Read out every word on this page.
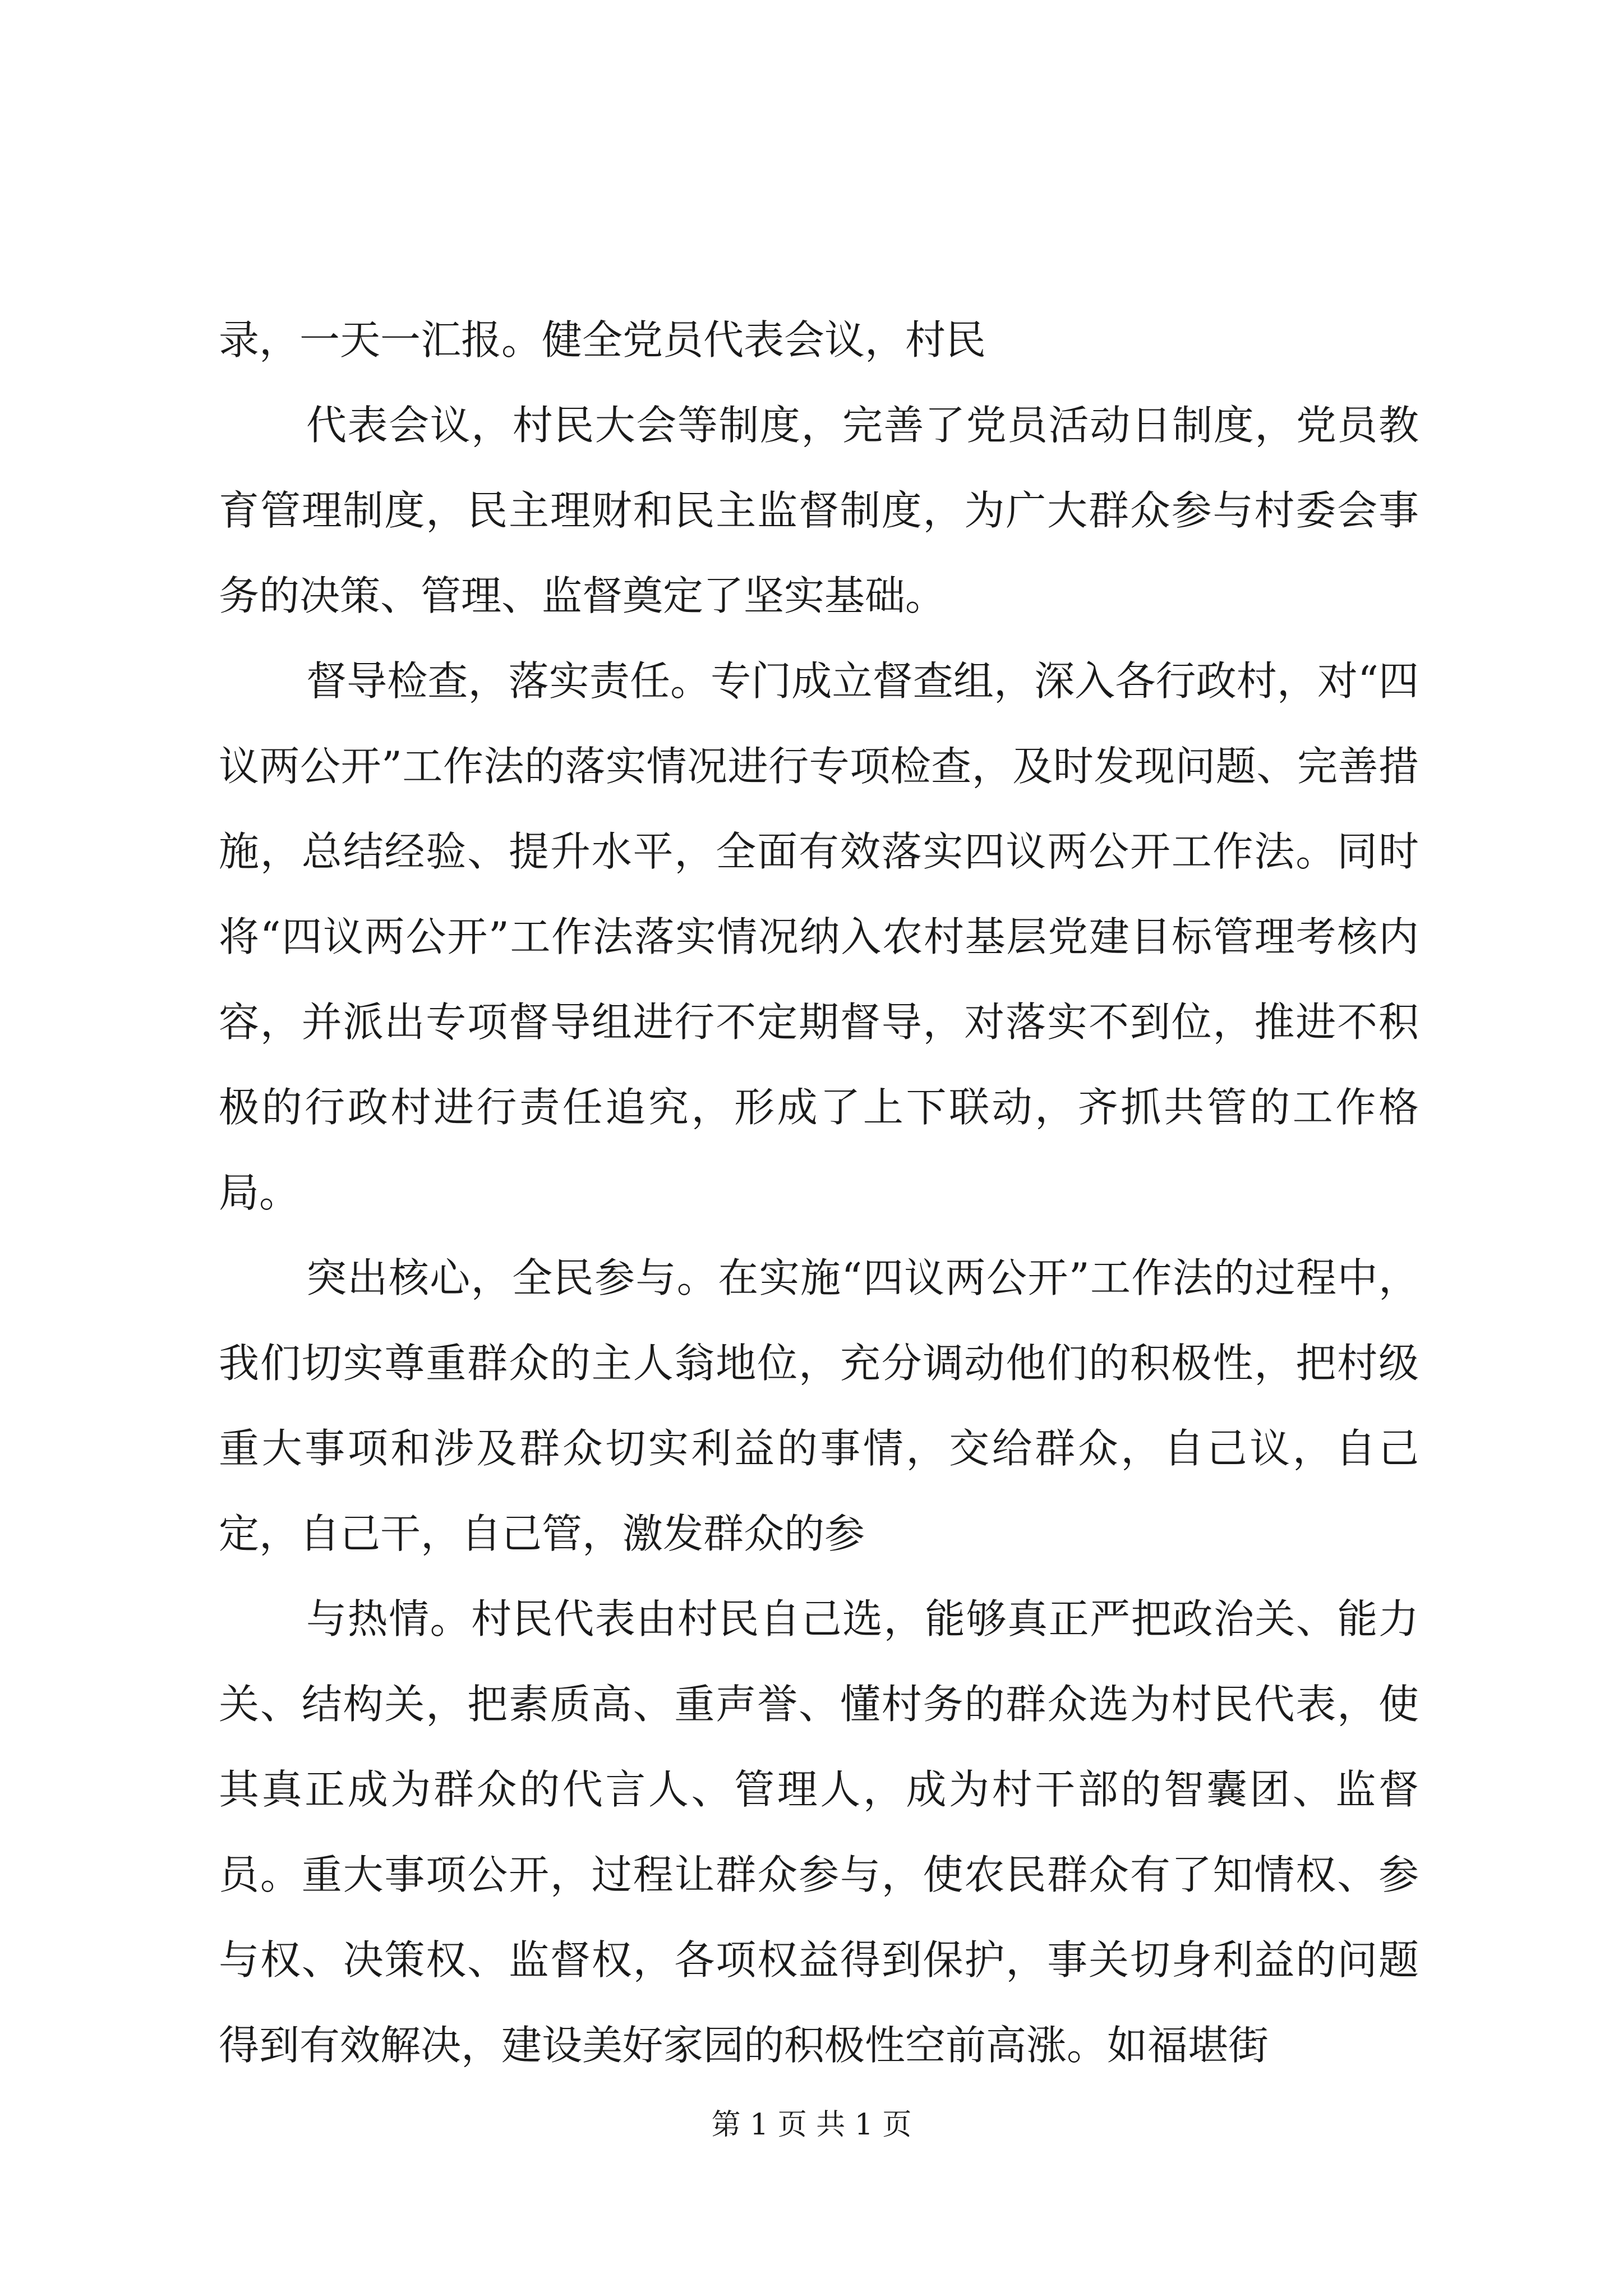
录，一天一汇报。健全党员代表会议，村民

代表会议，村民大会等制度，完善了党员活动日制度，党员教育管理制度，民主理财和民主监督制度，为广大群众参与村委会事务的决策、管理、监督奠定了坚实基础。

督导检查，落实责任。专门成立督查组，深入各行政村，对“四议两公开”工作法的落实情况进行专项检查，及时发现问题、完善措施，总结经验、提升水平，全面有效落实四议两公开工作法。同时将“四议两公开”工作法落实情况纳入农村基层党建目标管理考核内容，并派出专项督导组进行不定期督导，对落实不到位，推进不积极的行政村进行责任追究，形成了上下联动，齐抓共管的工作格局。

突出核心，全民参与。在实施“四议两公开”工作法的过程中，我们切实尊重群众的主人翁地位，充分调动他们的积极性，把村级重大事项和涉及群众切实利益的事情，交给群众，自己议，自己定，自己干，自己管，激发群众的参

与热情。村民代表由村民自己选，能够真正严把政治关、能力关、结构关，把素质高、重声誉、懂村务的群众选为村民代表，使其真正成为群众的代言人、管理人，成为村干部的智囊团、监督员。重大事项公开，过程让群众参与，使农民群众有了知情权、参与权、决策权、监督权，各项权益得到保护，事关切身利益的问题得到有效解决，建设美好家园的积极性空前高涨。如福堪街

第 1 页 共 1 页
